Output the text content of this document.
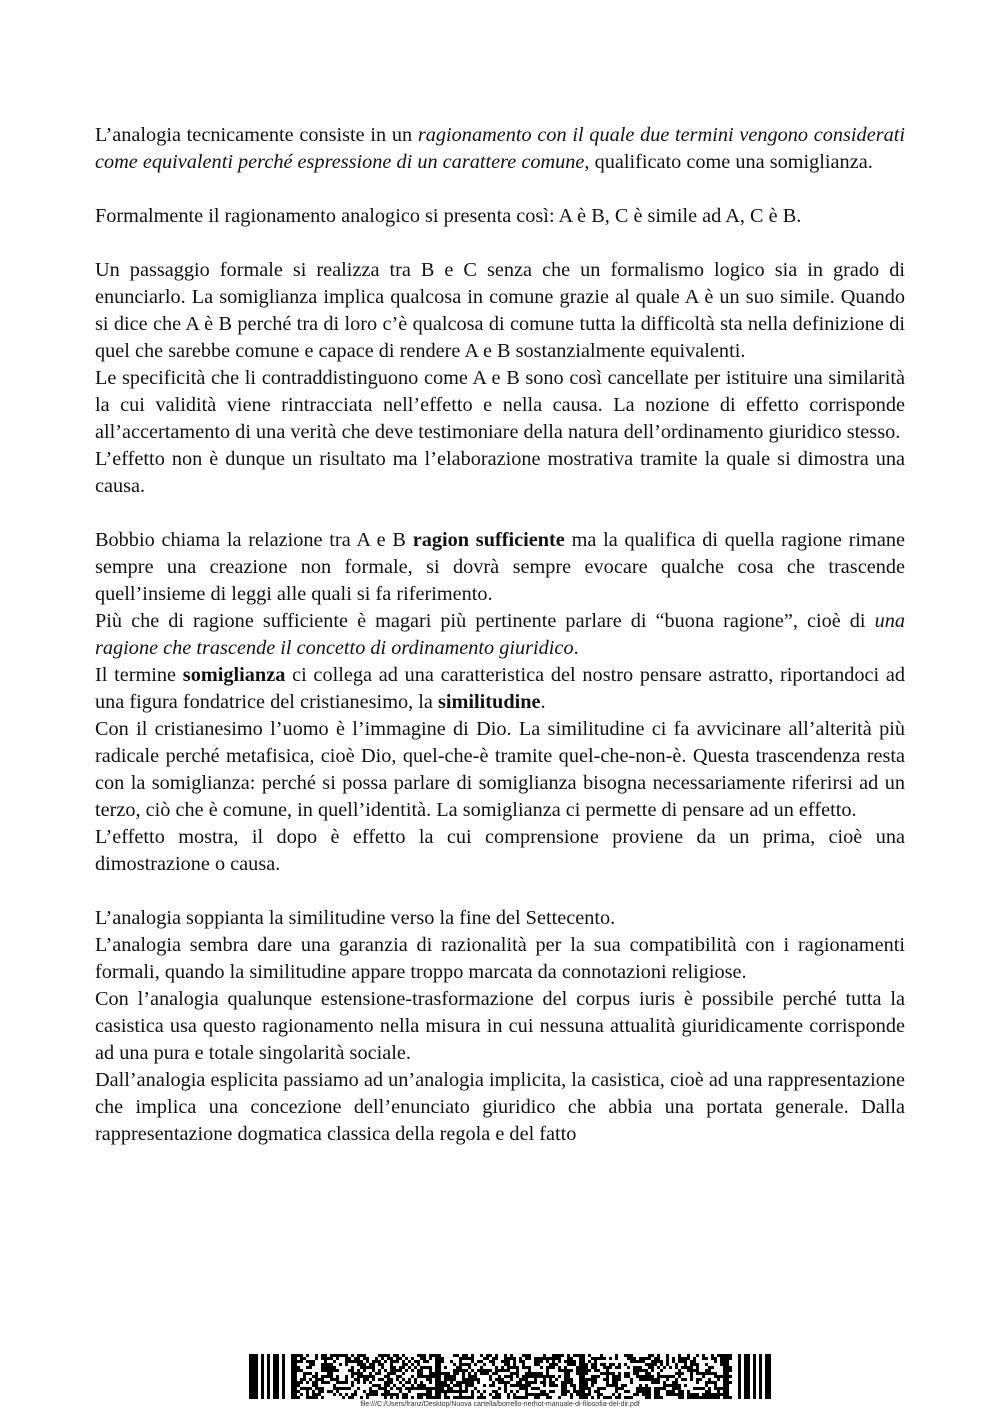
L’analogia tecnicamente consiste in un ragionamento con il quale due termini vengono considerati come equivalenti perché espressione di un carattere comune, qualificato come una somiglianza.

Formalmente il ragionamento analogico si presenta così: A è B, C è simile ad A, C è B.

Un passaggio formale si realizza tra B e C senza che un formalismo logico sia in grado di enunciarlo. La somiglianza implica qualcosa in comune grazie al quale A è un suo simile. Quando si dice che A è B perché tra di loro c’è qualcosa di comune tutta la difficoltà sta nella definizione di quel che sarebbe comune e capace di rendere A e B sostanzialmente equivalenti.

Le specificità che li contraddistinguono come A e B sono così cancellate per istituire una similarità la cui validità viene rintracciata nell’effetto e nella causa. La nozione di effetto corrisponde all’accertamento di una verità che deve testimoniare della natura dell’ordinamento giuridico stesso.

L’effetto non è dunque un risultato ma l’elaborazione mostrativa tramite la quale si dimostra una causa.

Bobbio chiama la relazione tra A e B ragion sufficiente ma la qualifica di quella ragione rimane sempre una creazione non formale, si dovrà sempre evocare qualche cosa che trascende quell’insieme di leggi alle quali si fa riferimento.

Più che di ragione sufficiente è magari più pertinente parlare di “buona ragione”, cioè di una ragione che trascende il concetto di ordinamento giuridico.

Il termine somiglianza ci collega ad una caratteristica del nostro pensare astratto, riportandoci ad una figura fondatrice del cristianesimo, la similitudine.

Con il cristianesimo l’uomo è l’immagine di Dio. La similitudine ci fa avvicinare all’alterità più radicale perché metafisica, cioè Dio, quel-che-è tramite quel-che-non-è. Questa trascendenza resta con la somiglianza: perché si possa parlare di somiglianza bisogna necessariamente riferirsi ad un terzo, ciò che è comune, in quell’identità. La somiglianza ci permette di pensare ad un effetto.

L’effetto mostra, il dopo è effetto la cui comprensione proviene da un prima, cioè una dimostrazione o causa.

L’analogia soppianta la similitudine verso la fine del Settecento.

L’analogia sembra dare una garanzia di razionalità per la sua compatibilità con i ragionamenti formali, quando la similitudine appare troppo marcata da connotazioni religiose.

Con l’analogia qualunque estensione-trasformazione del corpus iuris è possibile perché tutta la casistica usa questo ragionamento nella misura in cui nessuna attualità giuridicamente corrisponde ad una pura e totale singolarità sociale.

Dall’analogia esplicita passiamo ad un’analogia implicita, la casistica, cioè ad una rappresentazione che implica una concezione dell’enunciato giuridico che abbia una portata generale. Dalla rappresentazione dogmatica classica della regola e del fatto

file:///C:/Users/franz/Desktop/Nuova cartella/borrello-nerhot-manuale-di-filosofia-del-dir.pdf
